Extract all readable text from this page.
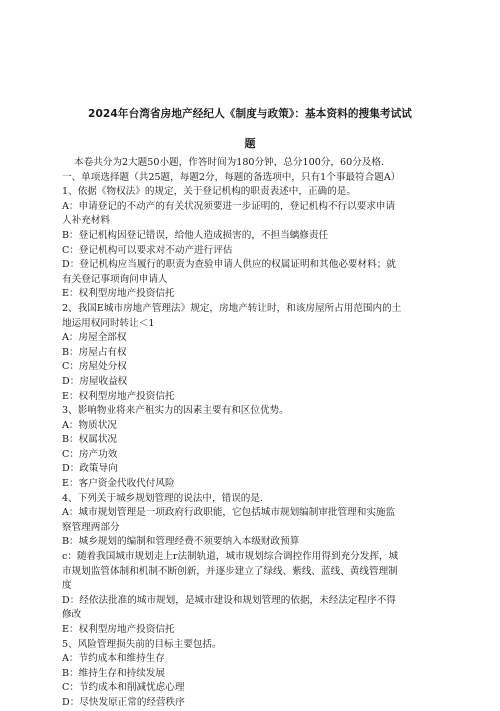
2024年台湾省房地产经纪人《制度与政策》：基本资料的搜集考试试
题
本卷共分为2大题50小题，作答时间为180分钟，总分100分，60分及格.
一、单项选择题（共25题，每题2分，每题的备选项中，只有1个事最符合题A）
1、依据《物权法》的规定，关于登记机构的职责表述中，正确的是。
A：申请登记的不动产的有关状况须要进一步证明的，登记机构不行以要求申请
人补充材料
B：登记机构因登记错误，给他人造成损害的，不担当螭修责任
C：登记机构可以要求对不动产进行评估
D：登记机构应当履行的职责为查验申请人供应的权属证明和其他必要材料；就
有关登记事项询问申请人
E：权利型房地产投资信托
2、我国E城市房地产管理法》规定，房地产转让时，和该房屋所占用范围内的土
地运用权同时转让＜1
A：房屋全部权
B：房屋占有权
C：房屋处分权
D：房屋收益权
E：权利型房地产投资信托
3、影响物业将来产租实力的因素主要有和区位优势。
A：物质状况
B：权属状况
C：房产功效
D：政策导向
E：客户资金代收代付风险
4、下列关于城乡规划管理的说法中，错误的是.
A：城市规划管理是一项政府行政职能，它包括城市规划编制审批管理和实施监
察管理两部分
B：城乡规划的编制和管理经费不须要纳入本级财政预算
c：随着我国城市规划走上r法制轨道，城市规划综合调控作用得到充分发挥，城
市规划监管体制和机制不断创新，并逐步建立了绿线、紫线、蓝线、黄线管理制
度
D：经依法批准的城市规划，是城市建设和规划管理的依据，未经法定程序不得
修改
E：权利型房地产投资信托
5、风险管理损失前的目标主要包括。
A：节约成本和维持生存
B：维持生存和持续发展
C：节约成本和削减忧虑心理
D：尽快发原正常的经营秩序
